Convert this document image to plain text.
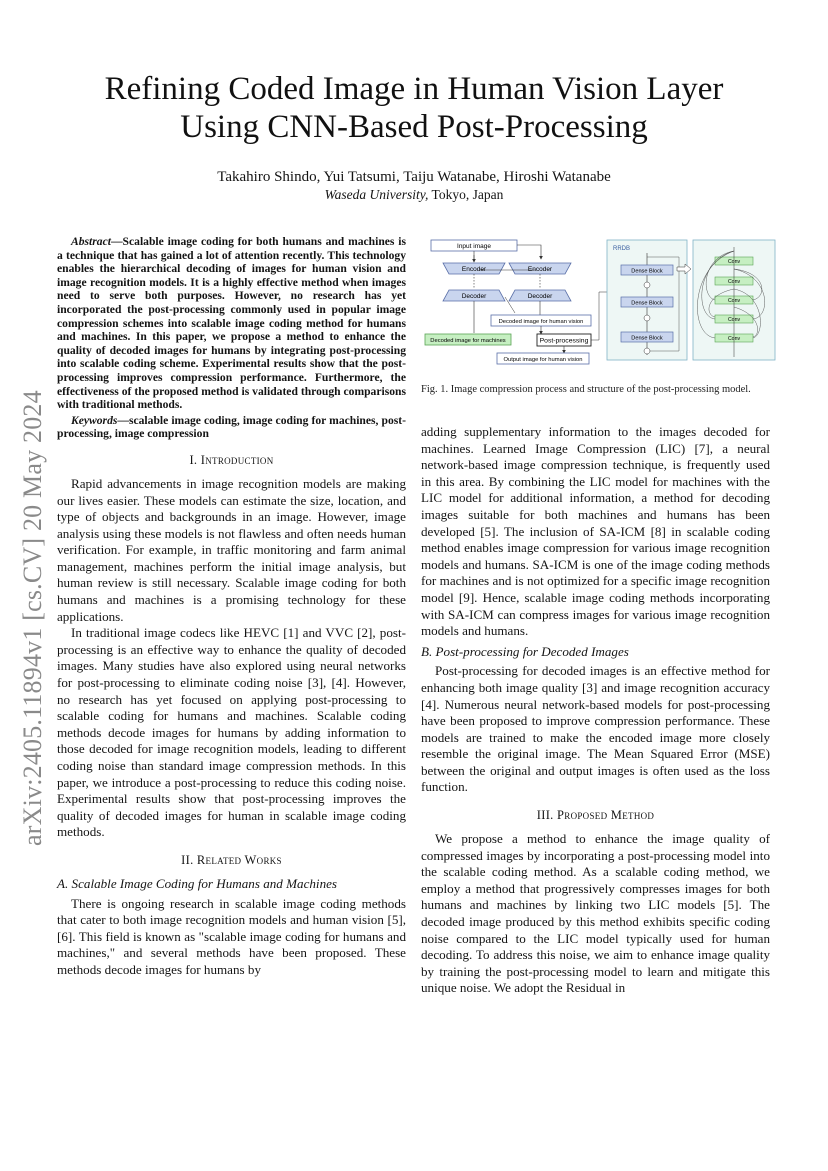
arXiv:2405.11894v1 [cs.CV] 20 May 2024
Refining Coded Image in Human Vision Layer
Using CNN-Based Post-Processing
Takahiro Shindo, Yui Tatsumi, Taiju Watanabe, Hiroshi Watanabe
Waseda University, Tokyo, Japan

Abstract—Scalable image coding for both humans and machines is a technique that has gained a lot of attention recently. This technology enables the hierarchical decoding of images for human vision and image recognition models. It is a highly effective method when images need to serve both purposes. However, no research has yet incorporated the post-processing commonly used in popular image compression schemes into scalable image coding method for humans and machines. In this paper, we propose a method to enhance the quality of decoded images for humans by integrating post-processing into scalable coding scheme. Experimental results show that the post-processing improves compression performance. Furthermore, the effectiveness of the proposed method is validated through comparisons with traditional methods.

Keywords—scalable image coding, image coding for machines, post-processing, image compression

I. Introduction

Rapid advancements in image recognition models are making our lives easier. These models can estimate the size, location, and type of objects and backgrounds in an image. However, image analysis using these models is not flawless and often needs human verification. For example, in traffic monitoring and farm animal management, machines perform the initial image analysis, but human review is still necessary. Scalable image coding for both humans and machines is a promising technology for these applications.

In traditional image codecs like HEVC [1] and VVC [2], post-processing is an effective way to enhance the quality of decoded images. Many studies have also explored using neural networks for post-processing to eliminate coding noise [3], [4]. However, no research has yet focused on applying post-processing to scalable coding for humans and machines. Scalable coding methods decode images for humans by adding information to those decoded for image recognition models, leading to different coding noise than standard image compression methods. In this paper, we introduce a post-processing to reduce this coding noise. Experimental results show that post-processing improves the quality of decoded images for human in scalable image coding methods.

II. Related Works

A. Scalable Image Coding for Humans and Machines

There is ongoing research in scalable image coding methods that cater to both image recognition models and human vision [5], [6]. This field is known as "scalable image coding for humans and machines," and several methods have been proposed. These methods decode images for humans by

Input image
Encoder	Encoder
Decoder	Decoder
Decoded image for human vision
Decoded image for machines	Post-processing
Output image for human vision
RRDB
Dense Block
Dense Block
Dense Block
Conv
Conv
Conv
Conv
Conv
Fig. 1. Image compression process and structure of the post-processing model.

adding supplementary information to the images decoded for machines. Learned Image Compression (LIC) [7], a neural network-based image compression technique, is frequently used in this area. By combining the LIC model for machines with the LIC model for additional information, a method for decoding images suitable for both machines and humans has been developed [5]. The inclusion of SA-ICM [8] in scalable coding method enables image compression for various image recognition models and humans. SA-ICM is one of the image coding methods for machines and is not optimized for a specific image recognition model [9]. Hence, scalable image coding methods incorporating with SA-ICM can compress images for various image recognition models and humans.

B. Post-processing for Decoded Images

Post-processing for decoded images is an effective method for enhancing both image quality [3] and image recognition accuracy [4]. Numerous neural network-based models for post-processing have been proposed to improve compression performance. These models are trained to make the encoded image more closely resemble the original image. The Mean Squared Error (MSE) between the original and output images is often used as the loss function.

III. Proposed Method

We propose a method to enhance the image quality of compressed images by incorporating a post-processing model into the scalable coding method. As a scalable coding method, we employ a method that progressively compresses images for both humans and machines by linking two LIC models [5]. The decoded image produced by this method exhibits specific coding noise compared to the LIC model typically used for human decoding. To address this noise, we aim to enhance image quality by training the post-processing model to learn and mitigate this unique noise. We adopt the Residual in
